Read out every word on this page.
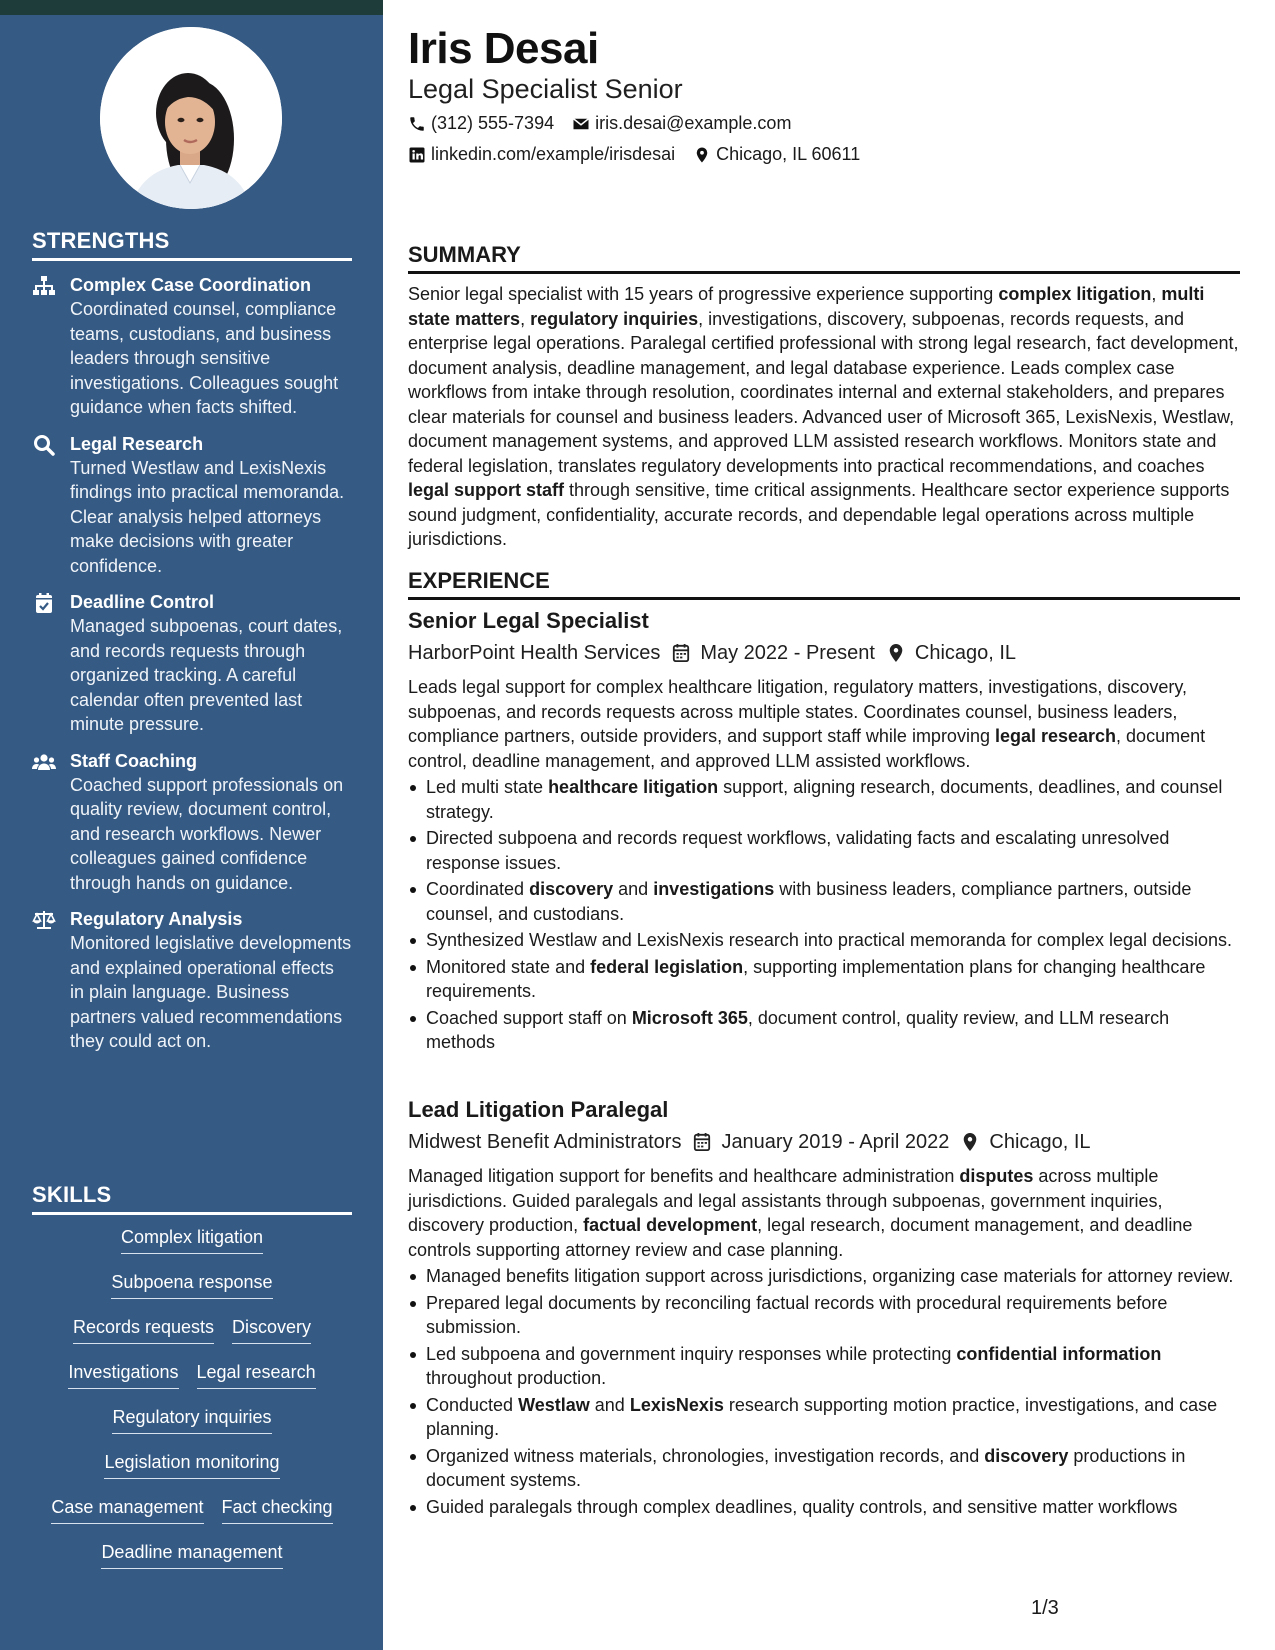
STRENGTHS
Complex Case Coordination
Coordinated counsel, compliance teams, custodians, and business leaders through sensitive investigations. Colleagues sought guidance when facts shifted.
Legal Research
Turned Westlaw and LexisNexis findings into practical memoranda. Clear analysis helped attorneys make decisions with greater confidence.
Deadline Control
Managed subpoenas, court dates, and records requests through organized tracking. A careful calendar often prevented last minute pressure.
Staff Coaching
Coached support professionals on quality review, document control, and research workflows. Newer colleagues gained confidence through hands on guidance.
Regulatory Analysis
Monitored legislative developments and explained operational effects in plain language. Business partners valued recommendations they could act on.
SKILLS
Complex litigation
Subpoena response
Records requests Discovery
Investigations Legal research
Regulatory inquiries
Legislation monitoring
Case management Fact checking
Deadline management
Iris Desai
Legal Specialist Senior
(312) 555-7394 iris.desai@example.com
linkedin.com/example/irisdesai Chicago, IL 60611
SUMMARY

Senior legal specialist with 15 years of progressive experience supporting complex litigation, multi state matters, regulatory inquiries, investigations, discovery, subpoenas, records requests, and enterprise legal operations. Paralegal certified professional with strong legal research, fact development, document analysis, deadline management, and legal database experience. Leads complex case workflows from intake through resolution, coordinates internal and external stakeholders, and prepares clear materials for counsel and business leaders. Advanced user of Microsoft 365, LexisNexis, Westlaw, document management systems, and approved LLM assisted research workflows. Monitors state and federal legislation, translates regulatory developments into practical recommendations, and coaches legal support staff through sensitive, time critical assignments. Healthcare sector experience supports sound judgment, confidentiality, accurate records, and dependable legal operations across multiple jurisdictions.

EXPERIENCE
Senior Legal Specialist
HarborPoint Health Services May 2022 - Present Chicago, IL

Leads legal support for complex healthcare litigation, regulatory matters, investigations, discovery, subpoenas, and records requests across multiple states. Coordinates counsel, business leaders, compliance partners, outside providers, and support staff while improving legal research, document control, deadline management, and approved LLM assisted workflows.

Led multi state healthcare litigation support, aligning research, documents, deadlines, and counsel strategy.
Directed subpoena and records request workflows, validating facts and escalating unresolved response issues.
Coordinated discovery and investigations with business leaders, compliance partners, outside counsel, and custodians.
Synthesized Westlaw and LexisNexis research into practical memoranda for complex legal decisions.
Monitored state and federal legislation, supporting implementation plans for changing healthcare requirements.
Coached support staff on Microsoft 365, document control, quality review, and LLM research methods
Lead Litigation Paralegal
Midwest Benefit Administrators January 2019 - April 2022 Chicago, IL

Managed litigation support for benefits and healthcare administration disputes across multiple jurisdictions. Guided paralegals and legal assistants through subpoenas, government inquiries, discovery production, factual development, legal research, document management, and deadline controls supporting attorney review and case planning.

Managed benefits litigation support across jurisdictions, organizing case materials for attorney review.
Prepared legal documents by reconciling factual records with procedural requirements before submission.
Led subpoena and government inquiry responses while protecting confidential information throughout production.
Conducted Westlaw and LexisNexis research supporting motion practice, investigations, and case planning.
Organized witness materials, chronologies, investigation records, and discovery productions in document systems.
Guided paralegals through complex deadlines, quality controls, and sensitive matter workflows
1/3
